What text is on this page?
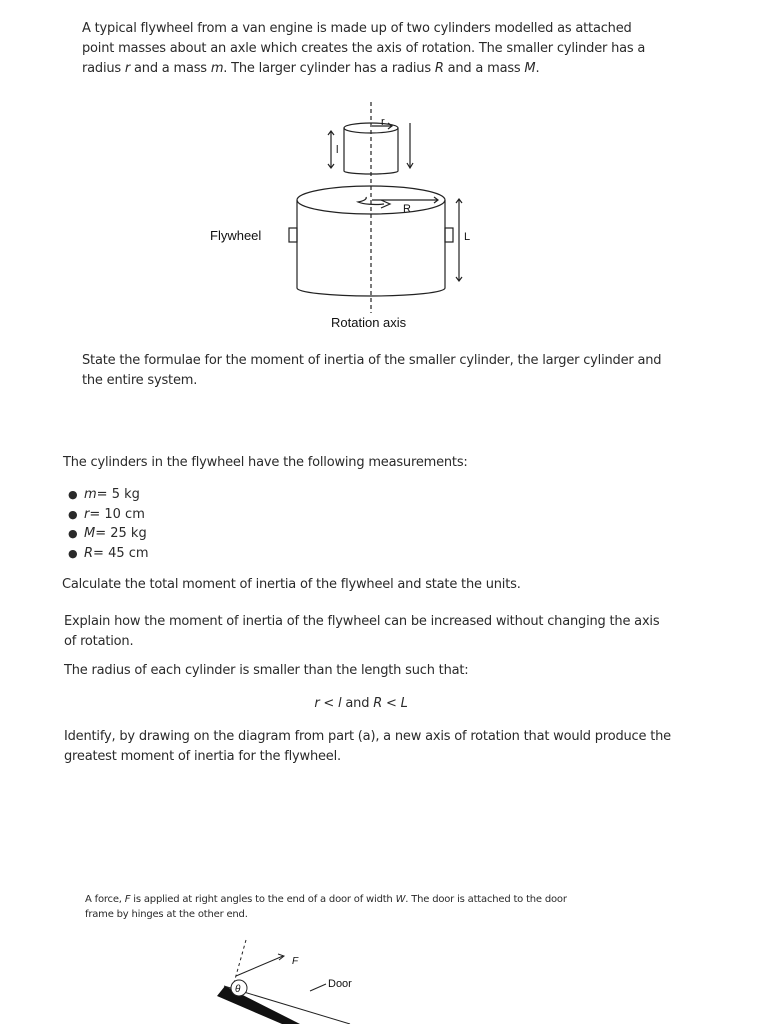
A typical flywheel from a van engine is made up of two cylinders modelled as attached point masses about an axle which creates the axis of rotation. The smaller cylinder has a radius r and a mass m. The larger cylinder has a radius R and a mass M.

Flywheel
Rotation axis
r
l
R
L

State the formulae for the moment of inertia of the smaller cylinder, the larger cylinder and the entire system.

The cylinders in the flywheel have the following measurements:

● m = 5 kg
● r = 10 cm
● M = 25 kg
● R = 45 cm

Calculate the total moment of inertia of the flywheel and state the units.

Explain how the moment of inertia of the flywheel can be increased without changing the axis of rotation.

The radius of each cylinder is smaller than the length such that:

r < l and R < L

Identify, by drawing on the diagram from part (a), a new axis of rotation that would produce the greatest moment of inertia for the flywheel.

A force, F is applied at right angles to the end of a door of width W. The door is attached to the door frame by hinges at the other end.

θ
F
Door
